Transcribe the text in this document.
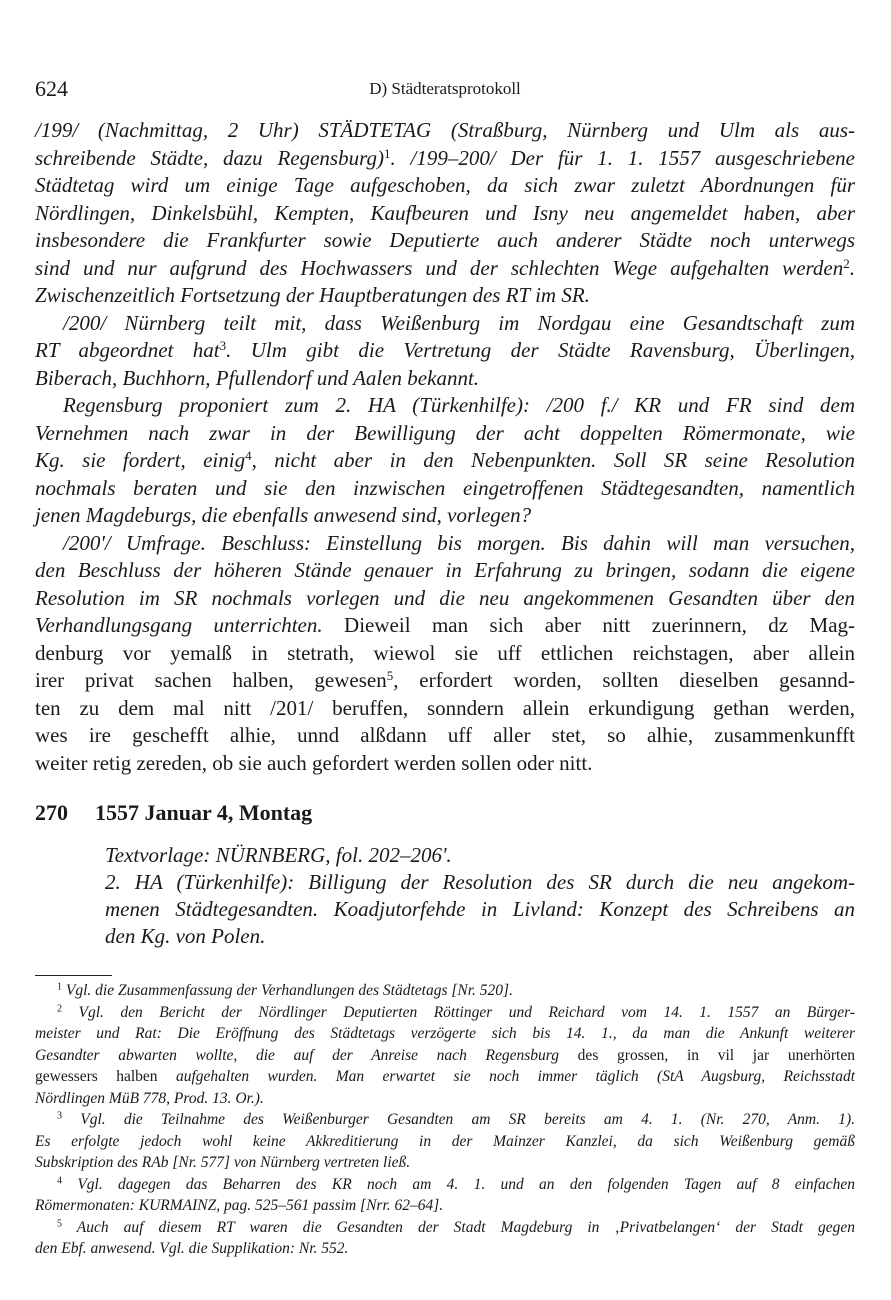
624	D) Städteratsprotokoll
/199/ (Nachmittag, 2 Uhr) STÄDTETAG (Straßburg, Nürnberg und Ulm als aus-
schreibende Städte, dazu Regensburg)$^1$. /199–200/ Der für 1. 1. 1557 ausgeschriebene
Städtetag wird um einige Tage aufgeschoben, da sich zwar zuletzt Abordnungen für
Nördlingen, Dinkelsbühl, Kempten, Kaufbeuren und Isny neu angemeldet haben, aber
insbesondere die Frankfurter sowie Deputierte auch anderer Städte noch unterwegs
sind und nur aufgrund des Hochwassers und der schlechten Wege aufgehalten werden$^2$.
Zwischenzeitlich Fortsetzung der Hauptberatungen des RT im SR.
/200/ Nürnberg teilt mit, dass Weißenburg im Nordgau eine Gesandtschaft zum
RT abgeordnet hat$^3$. Ulm gibt die Vertretung der Städte Ravensburg, Überlingen,
Biberach, Buchhorn, Pfullendorf und Aalen bekannt.
Regensburg proponiert zum 2. HA (Türkenhilfe): /200 f./ KR und FR sind dem
Vernehmen nach zwar in der Bewilligung der acht doppelten Römermonate, wie
Kg. sie fordert, einig$^4$, nicht aber in den Nebenpunkten. Soll SR seine Resolution
nochmals beraten und sie den inzwischen eingetroffenen Städtegesandten, namentlich
jenen Magdeburgs, die ebenfalls anwesend sind, vorlegen?
/200'/ Umfrage. Beschluss: Einstellung bis morgen. Bis dahin will man versuchen,
den Beschluss der höheren Stände genauer in Erfahrung zu bringen, sodann die eigene
Resolution im SR nochmals vorlegen und die neu angekommenen Gesandten über den
Verhandlungsgang unterrichten. Dieweil man sich aber nitt zuerinnern, dz Mag-
denburg vor yemalß in stetrath, wiewol sie uff ettlichen reichstagen, aber allein
irer privat sachen halben, gewesen$^5$, erfordert worden, sollten dieselben gesannd-
ten zu dem mal nitt /201/ beruffen, sonndern allein erkundigung gethan werden,
wes ire geschefft alhie, unnd alßdann uff aller stet, so alhie, zusammenkunfft
weiter retig zereden, ob sie auch gefordert werden sollen oder nitt.
270 1557 Januar 4, Montag
Textvorlage: NÜRNBERG, fol. 202–206'.
2. HA (Türkenhilfe): Billigung der Resolution des SR durch die neu angekom-
menen Städtegesandten. Koadjutorfehde in Livland: Konzept des Schreibens an
den Kg. von Polen.
$^1$ Vgl. die Zusammenfassung der Verhandlungen des Städtetags [Nr. 520].
$^2$ Vgl. den Bericht der Nördlinger Deputierten Röttinger und Reichard vom 14. 1. 1557 an Bürger-
meister und Rat: Die Eröffnung des Städtetags verzögerte sich bis 14. 1., da man die Ankunft weiterer
Gesandter abwarten wollte, die auf der Anreise nach Regensburg des grossen, in vil jar unerhörten
gewessers halben aufgehalten wurden. Man erwartet sie noch immer täglich (StA Augsburg, Reichsstadt
Nördlingen MüB 778, Prod. 13. Or.).
$^3$ Vgl. die Teilnahme des Weißenburger Gesandten am SR bereits am 4. 1. (Nr. 270, Anm. 1).
Es erfolgte jedoch wohl keine Akkreditierung in der Mainzer Kanzlei, da sich Weißenburg gemäß
Subskription des RAb [Nr. 577] von Nürnberg vertreten ließ.
$^4$ Vgl. dagegen das Beharren des KR noch am 4. 1. und an den folgenden Tagen auf 8 einfachen
Römermonaten: KURMAINZ, pag. 525–561 passim [Nrr. 62–64].
$^5$ Auch auf diesem RT waren die Gesandten der Stadt Magdeburg in ‚Privatbelangen‘ der Stadt gegen
den Ebf. anwesend. Vgl. die Supplikation: Nr. 552.
